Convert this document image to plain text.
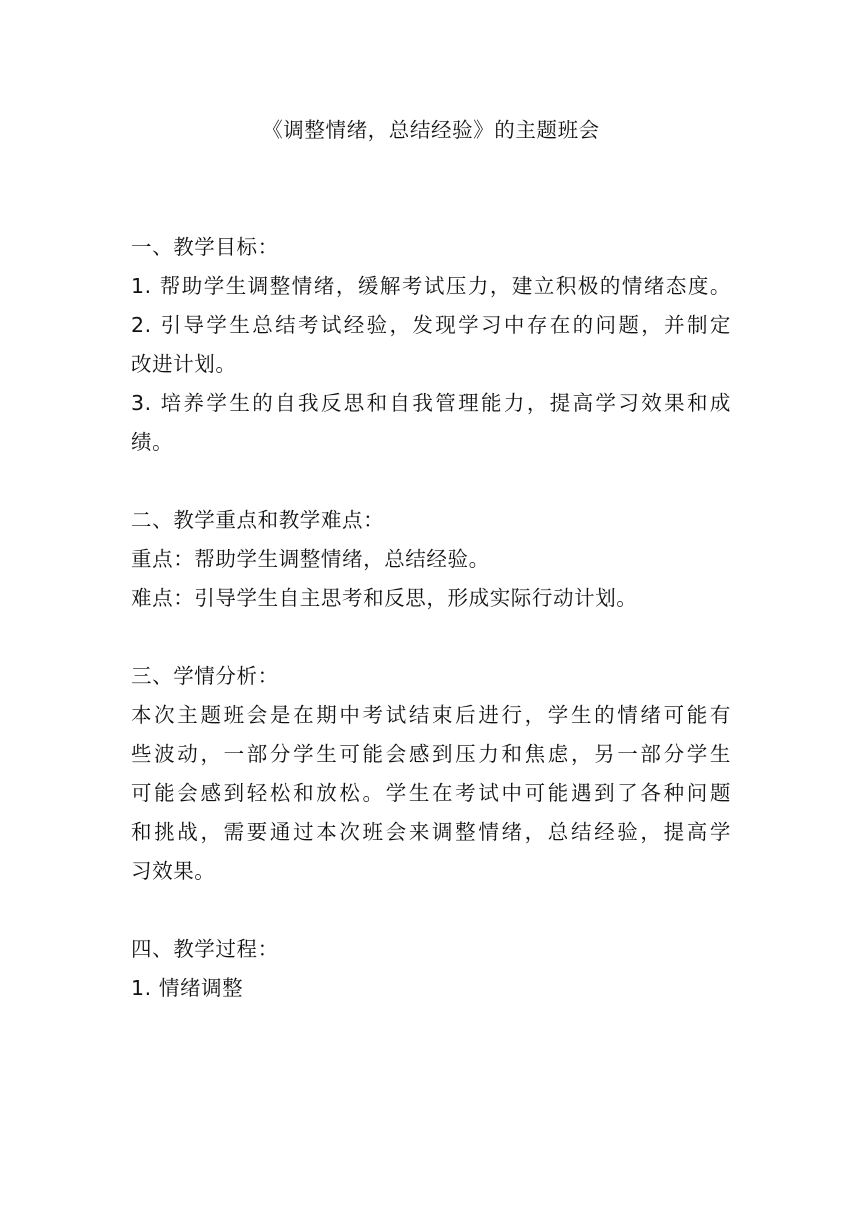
《调整情绪，总结经验》的主题班会
一、教学目标：
1. 帮助学生调整情绪，缓解考试压力，建立积极的情绪态度。
2. 引导学生总结考试经验，发现学习中存在的问题，并制定
改进计划。
3. 培养学生的自我反思和自我管理能力，提高学习效果和成
绩。
二、教学重点和教学难点：
重点：帮助学生调整情绪，总结经验。
难点：引导学生自主思考和反思，形成实际行动计划。
三、学情分析：
本次主题班会是在期中考试结束后进行，学生的情绪可能有
些波动，一部分学生可能会感到压力和焦虑，另一部分学生
可能会感到轻松和放松。学生在考试中可能遇到了各种问题
和挑战，需要通过本次班会来调整情绪，总结经验，提高学
习效果。
四、教学过程：
1. 情绪调整
